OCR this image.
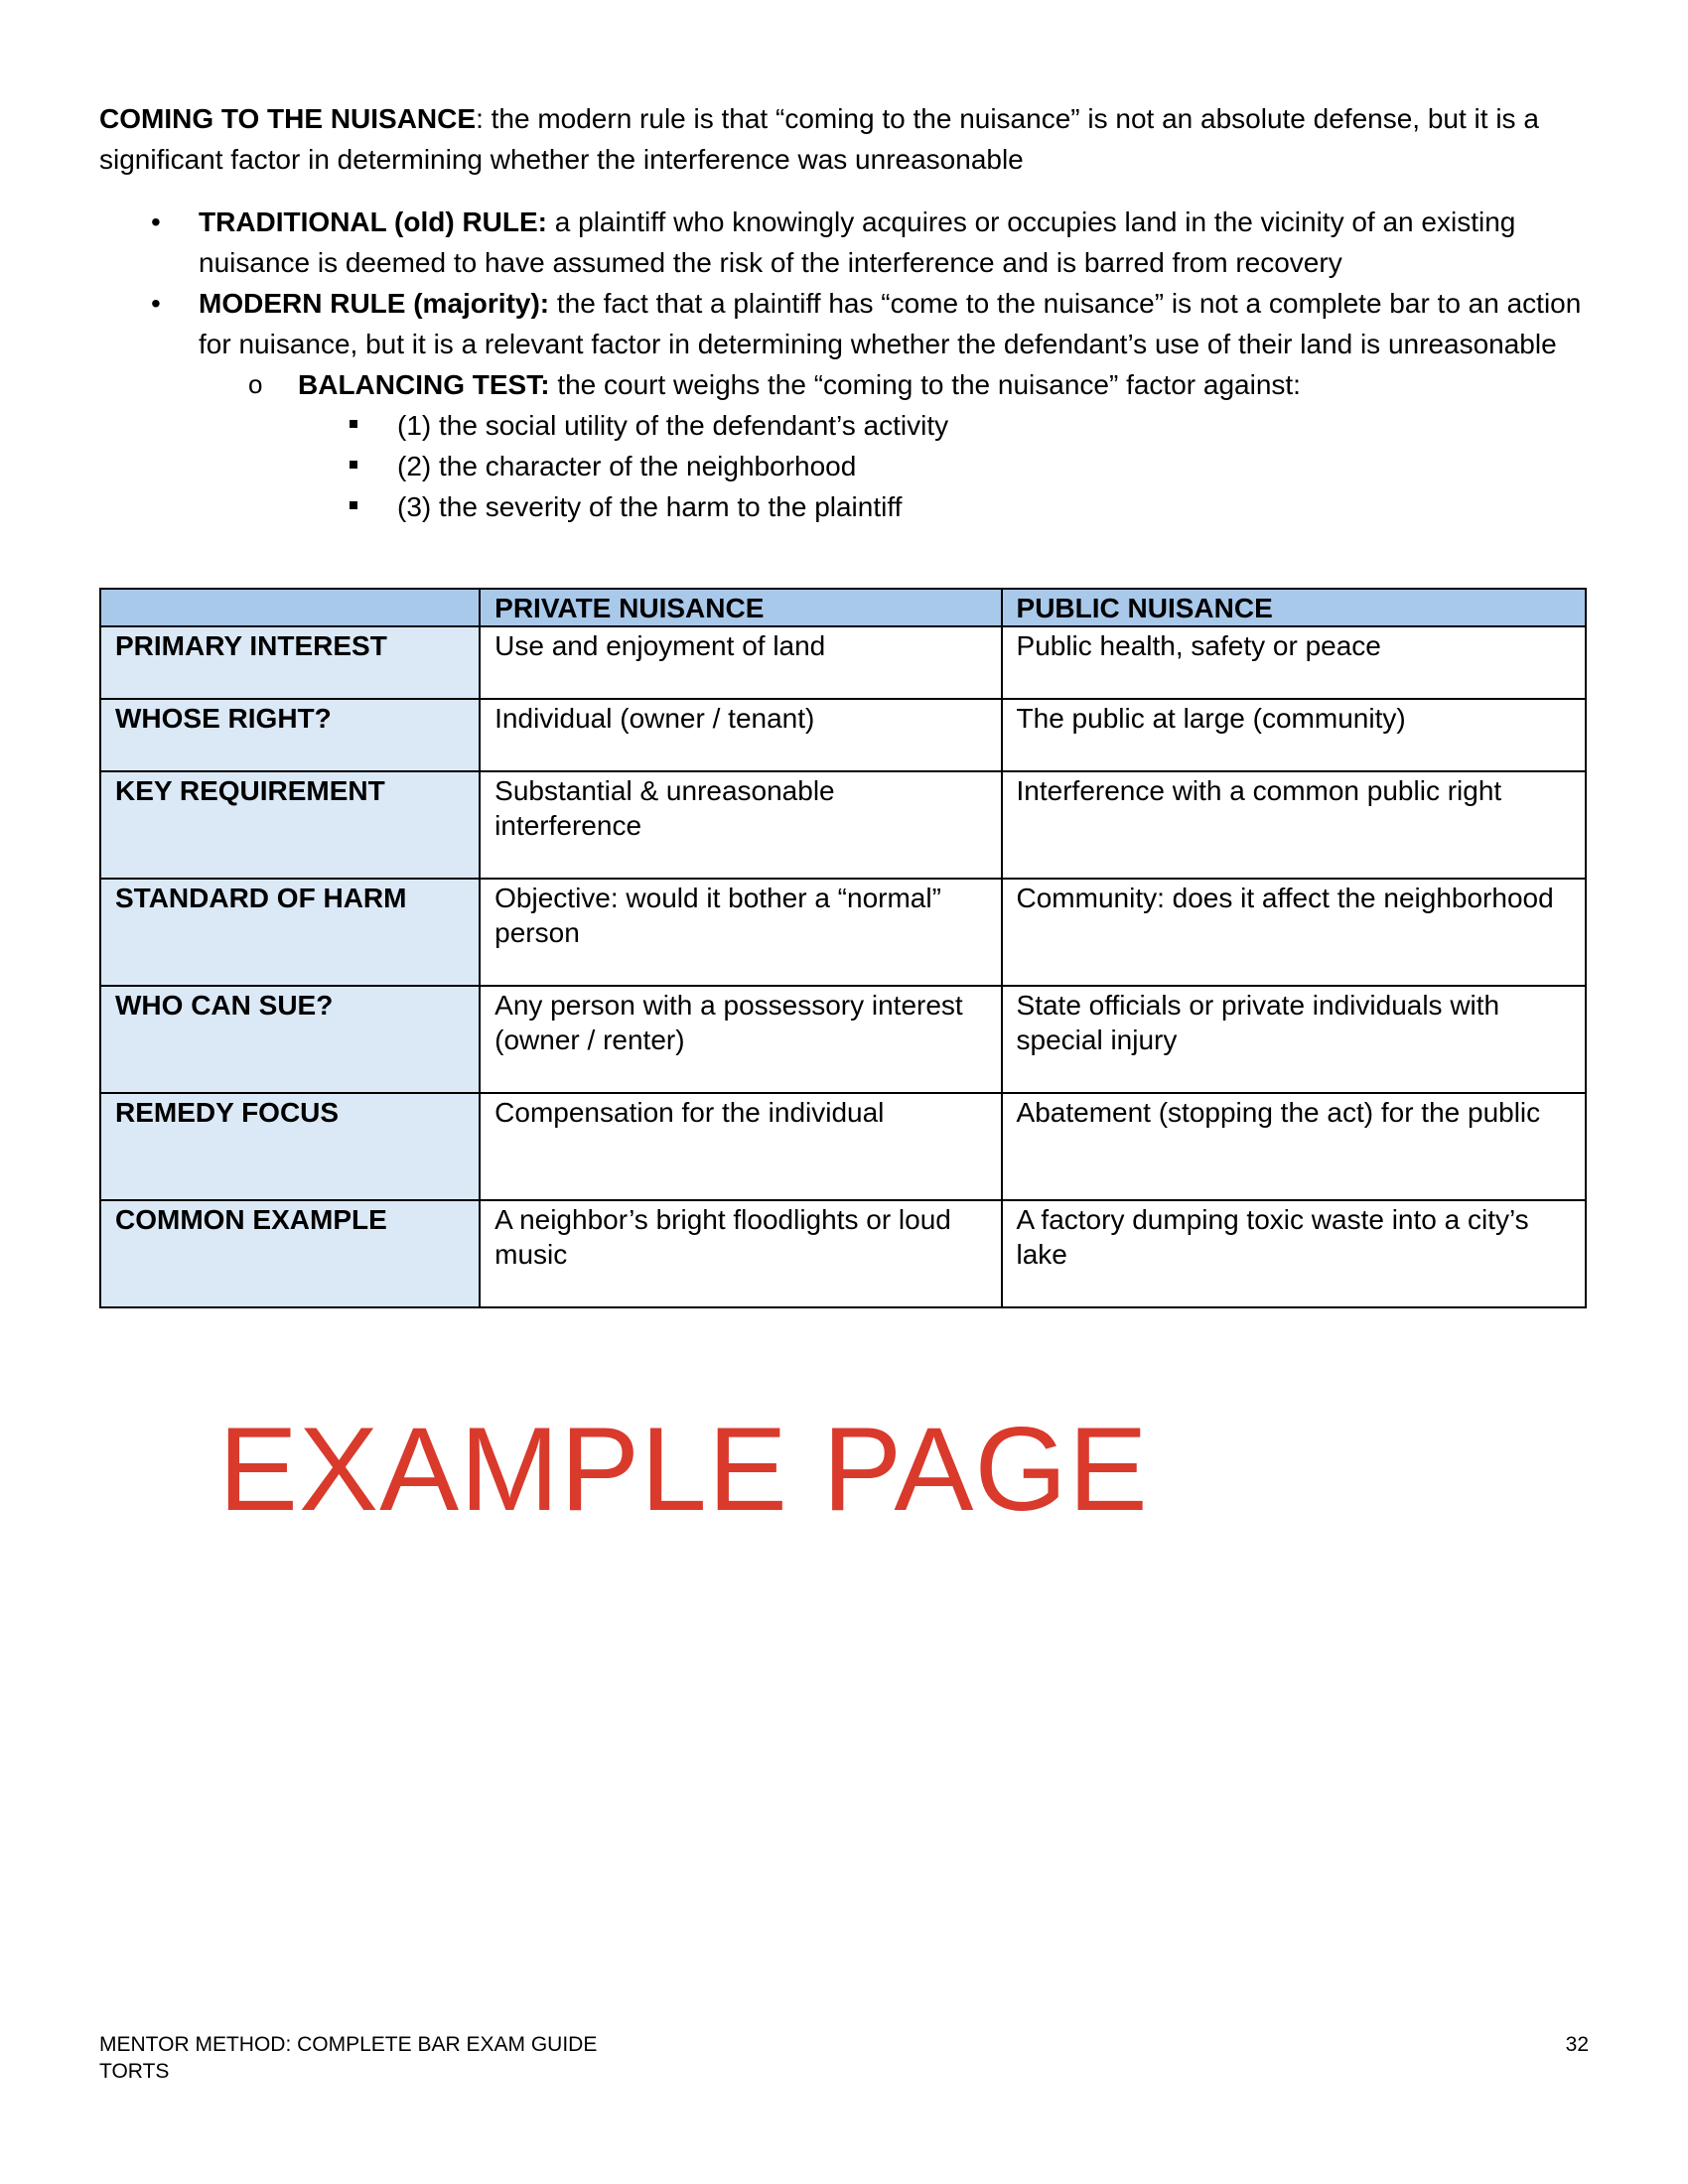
COMING TO THE NUISANCE: the modern rule is that “coming to the nuisance” is not an absolute defense, but it is a significant factor in determining whether the interference was unreasonable
• TRADITIONAL (old) RULE: a plaintiff who knowingly acquires or occupies land in the vicinity of an existing nuisance is deemed to have assumed the risk of the interference and is barred from recovery
• MODERN RULE (majority): the fact that a plaintiff has “come to the nuisance” is not a complete bar to an action for nuisance, but it is a relevant factor in determining whether the defendant’s use of their land is unreasonable
o BALANCING TEST: the court weighs the “coming to the nuisance” factor against:
(1) the social utility of the defendant’s activity
(2) the character of the neighborhood
(3) the severity of the harm to the plaintiff
	PRIVATE NUISANCE	PUBLIC NUISANCE
PRIMARY INTEREST	Use and enjoyment of land	Public health, safety or peace
WHOSE RIGHT?	Individual (owner / tenant)	The public at large (community)
KEY REQUIREMENT	Substantial & unreasonable interference	Interference with a common public right
STANDARD OF HARM	Objective: would it bother a “normal” person	Community: does it affect the neighborhood
WHO CAN SUE?	Any person with a possessory interest (owner / renter)	State officials or private individuals with special injury
REMEDY FOCUS	Compensation for the individual	Abatement (stopping the act) for the public
COMMON EXAMPLE	A neighbor’s bright floodlights or loud music	A factory dumping toxic waste into a city’s lake
EXAMPLE PAGE
MENTOR METHOD: COMPLETE BAR EXAM GUIDE
TORTS
32
